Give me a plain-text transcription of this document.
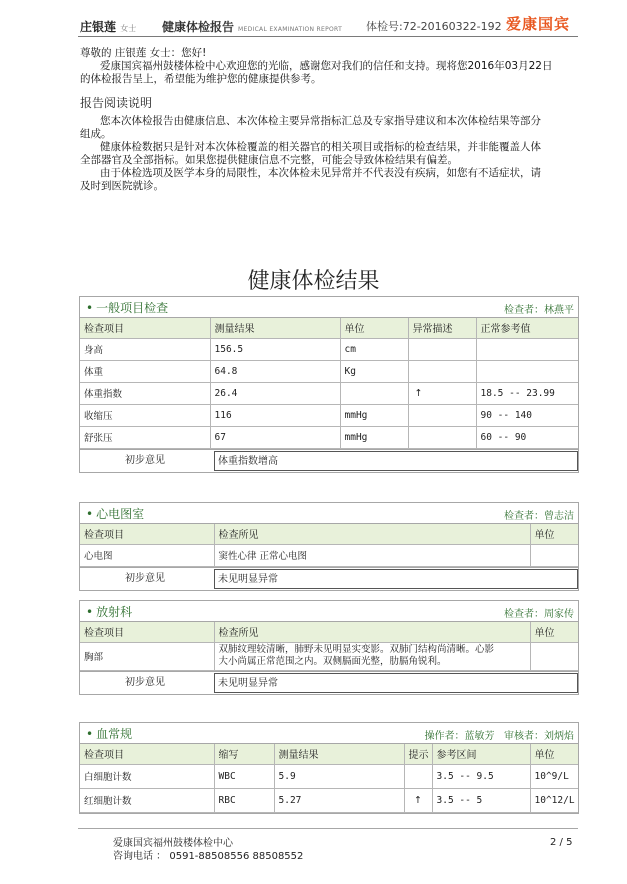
庄银莲 女士 健康体检报告 MEDICAL EXAMINATION REPORT 体检号:72-20160322-192 爱康国宾
尊敬的 庄银莲 女士：您好!
爱康国宾福州鼓楼体检中心欢迎您的光临，感谢您对我们的信任和支持。现将您2016年03月22日
的体检报告呈上，希望能为维护您的健康提供参考。
报告阅读说明
您本次体检报告由健康信息、本次体检主要异常指标汇总及专家指导建议和本次体检结果等部分
组成。
健康体检数据只是针对本次体检覆盖的相关器官的相关项目或指标的检查结果，并非能覆盖人体
全部器官及全部指标。如果您提供健康信息不完整，可能会导致体检结果有偏差。
由于体检选项及医学本身的局限性，本次体检未见异常并不代表没有疾病，如您有不适症状，请
及时到医院就诊。
健康体检结果
• 一般项目检查	检查者：林燕平
检查项目	测量结果	单位	异常描述	正常参考值
身高	156.5	cm		
体重	64.8	Kg		
体重指数	26.4		↑	18.5 -- 23.99
收缩压	116	mmHg		90 -- 140
舒张压	67	mmHg		60 -- 90
初步意见	体重指数增高
• 心电图室	检查者：曾志洁
检查项目	检查所见	单位
心电图	窦性心律 正常心电图	
初步意见	未见明显异常
• 放射科	检查者：周家传
检查项目	检查所见	单位
胸部	双肺纹理较清晰，肺野未见明显实变影。双肺门结构尚清晰。心影
大小尚属正常范围之内。双侧膈面光整，肋膈角锐利。	

初步意见	未见明显异常
• 血常规	操作者：蓝敏芳 审核者：刘炳焰
检查项目	缩写	测量结果	提示	参考区间	单位
白细胞计数	WBC	5.9		3.5 -- 9.5	10^9/L
红细胞计数	RBC	5.27	↑	3.5 -- 5	10^12/L
爱康国宾福州鼓楼体检中心
咨询电话 ： 0591-88508556 88508552
2 / 5
